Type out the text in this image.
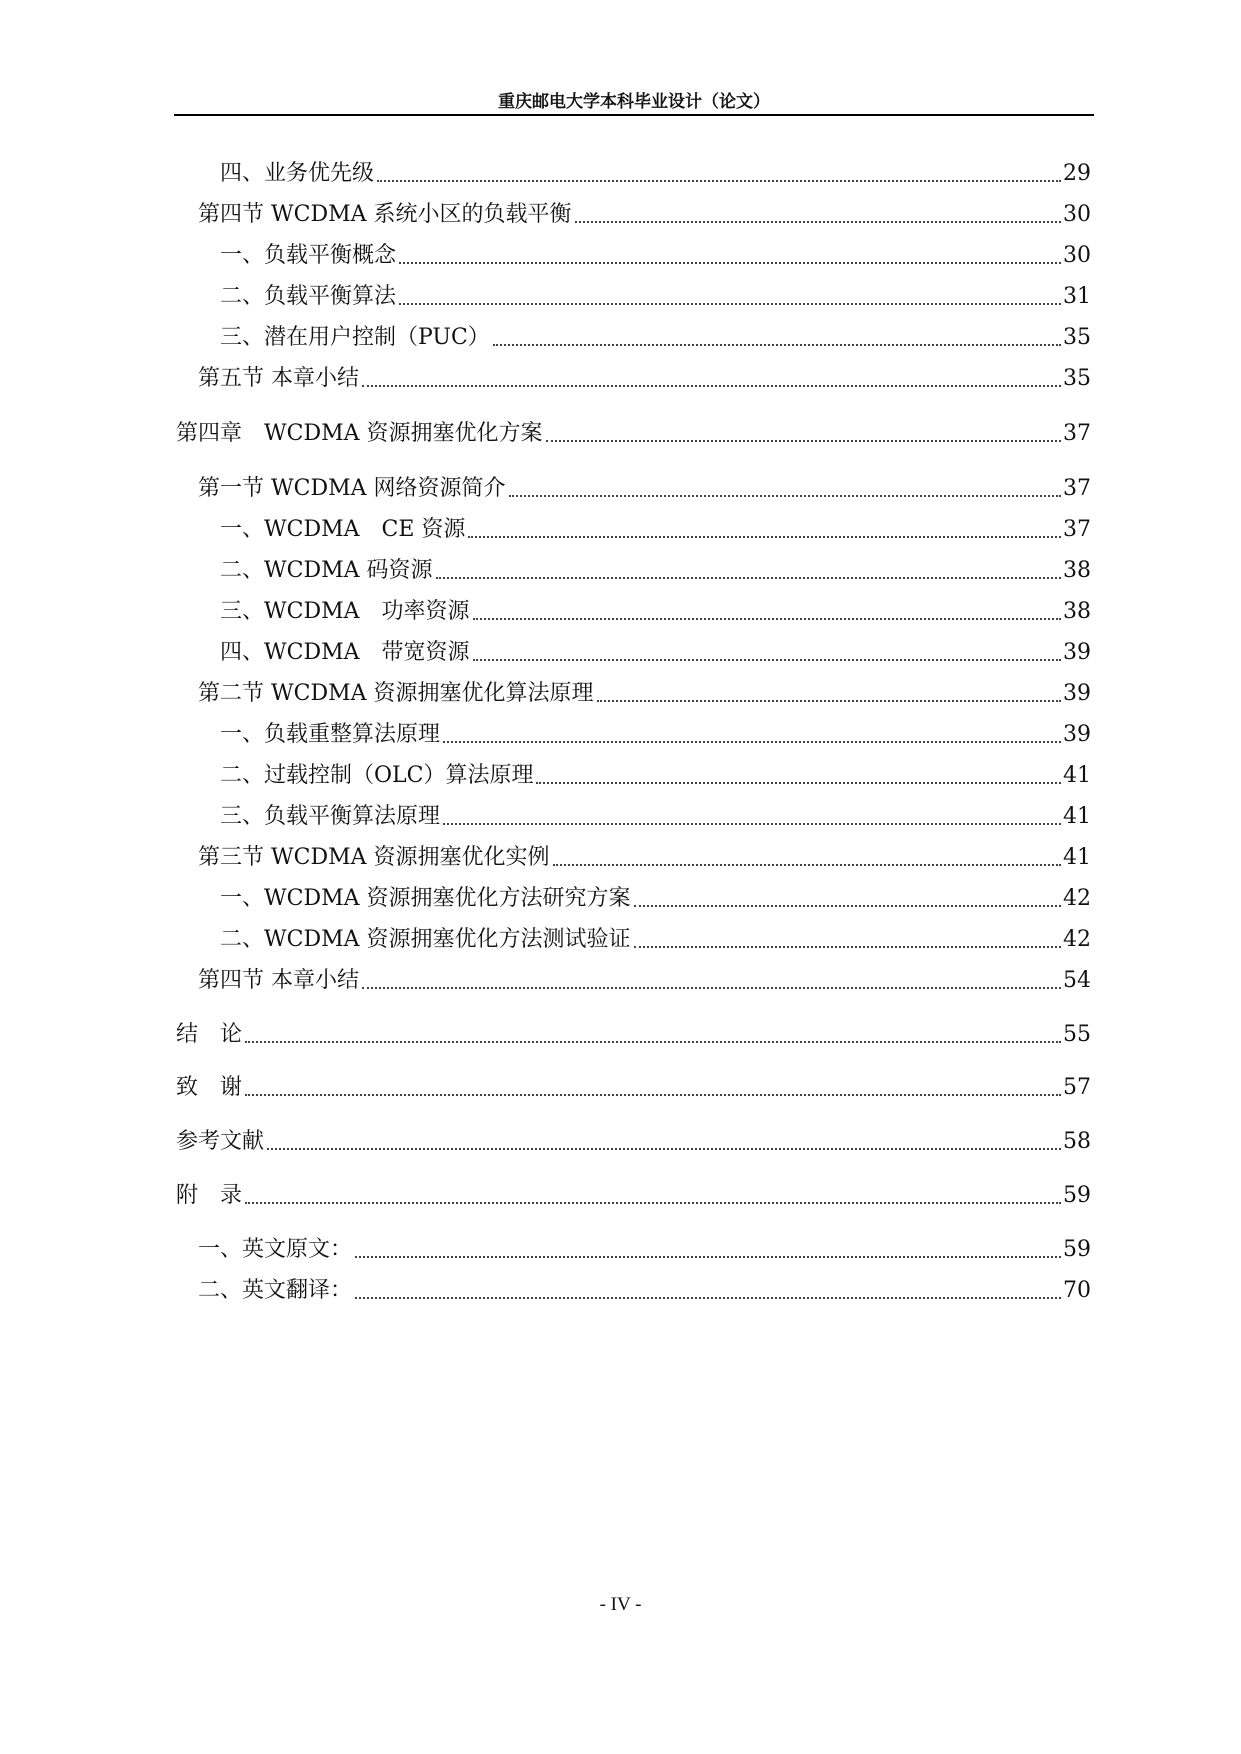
重庆邮电大学本科毕业设计（论文）
四、业务优先级	29
第四节 WCDMA 系统小区的负载平衡	30
一、负载平衡概念	30
二、负载平衡算法	31
三、潜在用户控制（PUC）	35
第五节 本章小结	35
第四章　WCDMA 资源拥塞优化方案	37
第一节 WCDMA 网络资源简介	37
一、WCDMA　CE 资源	37
二、WCDMA 码资源	38
三、WCDMA　功率资源	38
四、WCDMA　带宽资源	39
第二节 WCDMA 资源拥塞优化算法原理	39
一、负载重整算法原理	39
二、过载控制（OLC）算法原理	41
三、负载平衡算法原理	41
第三节 WCDMA 资源拥塞优化实例	41
一、WCDMA 资源拥塞优化方法研究方案	42
二、WCDMA 资源拥塞优化方法测试验证	42
第四节 本章小结	54
结　论	55
致　谢	57
参考文献	58
附　录	59
一、英文原文：	59
二、英文翻译：	70
- IV -
